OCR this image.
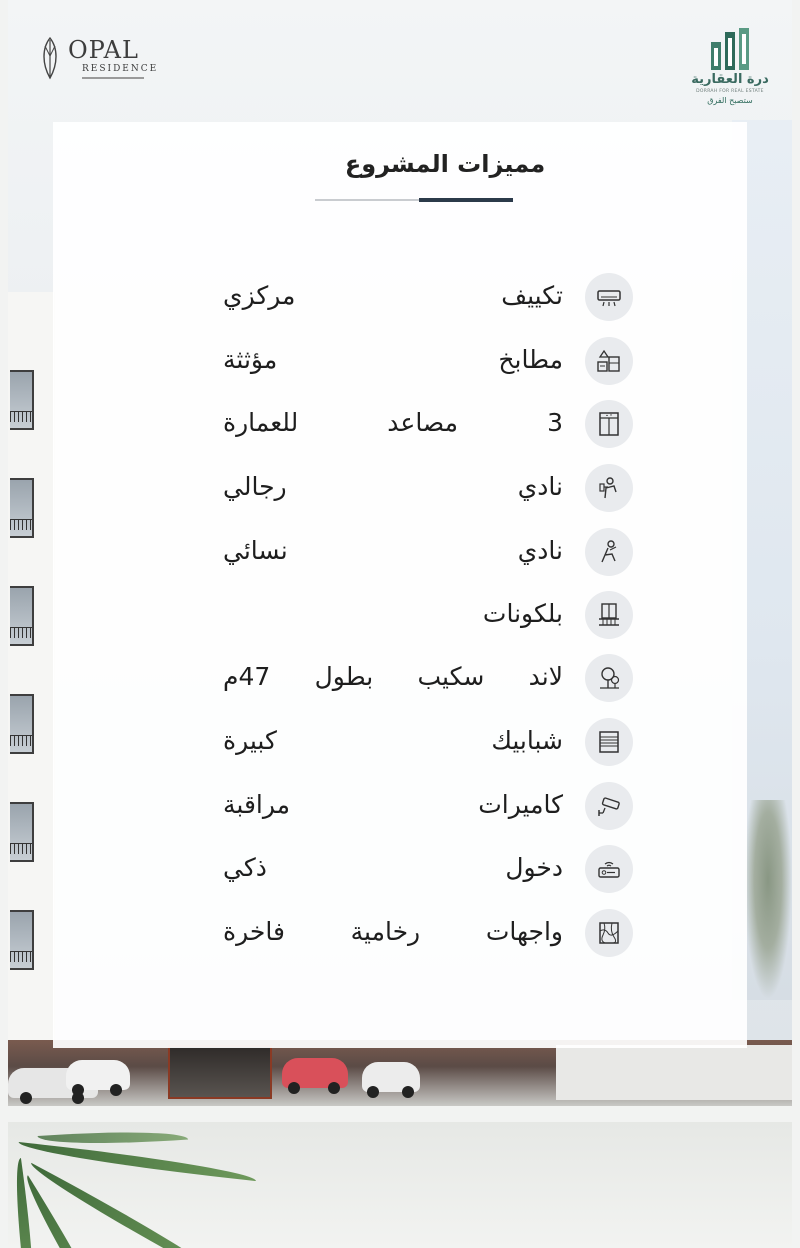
OPAL
RESIDENCE
درة العقارية
DORRAH FOR REAL ESTATE
ستصبح الفرق
مميزات المشروع
تكييف مركزي
مطابخ مؤثثة
3 مصاعد للعمارة
نادي رجالي
نادي نسائي
بلكونات
لاند سكيب بطول 47م
شبابيك كبيرة
كاميرات مراقبة
دخول ذكي
واجهات رخامية فاخرة
